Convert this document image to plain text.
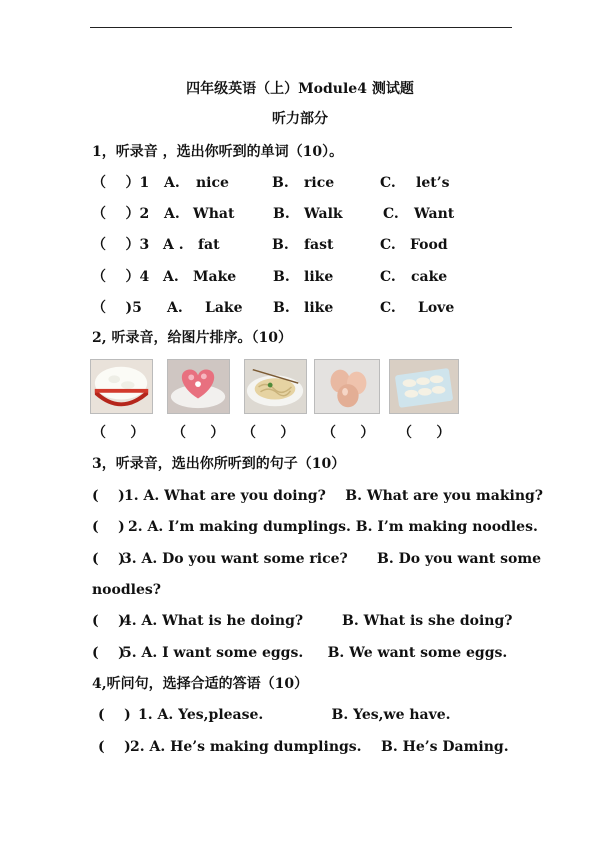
四年级英语（上）Module4 测试题
听力部分
1，听录音 ，选出你听到的单词（10）。
（    ）1 A. nice	B. rice	C. let’s
（    ）2 A. What	B. Walk	C. Want
（    ）3 A . fat	B. fast	C. Food
（    ）4 A. Make	B. like	C. cake
（    )5 A. Lake B. like	C. Love
2, 听录音，给图片排序。（10）
（     ） （     ） （     ） （     ） （     ）
3，听录音，选出你所听到的句子（10）
(    ) 1. A. What are you doing?    B. What are you making?
(    ) 2. A. I’m making dumplings. B. I’m making noodles.
(    )
3. A. Do you want some rice?      B. Do you want some
noodles?
(    )
4. A. What is he doing?        B. What is she doing?
(    )
5. A. I want some eggs.     B. We want some eggs.
4,听问句，选择合适的答语（10）
(    ) 1. A. Yes,please.              B. Yes,we have.
(    ) 2. A. He’s making dumplings.    B. He’s Daming.
